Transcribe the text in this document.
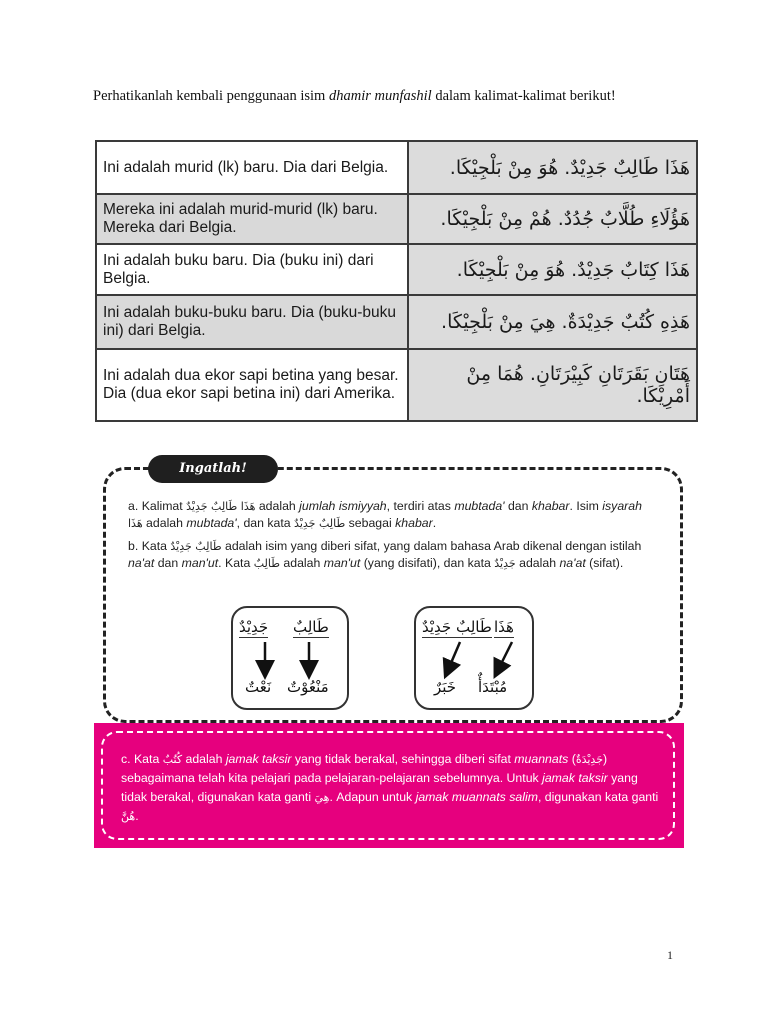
Perhatikanlah kembali penggunaan isim dhamir munfashil dalam kalimat-kalimat berikut!
Ini adalah murid (lk) baru. Dia dari Belgia.	هَذَا طَالِبٌ جَدِيْدٌ. هُوَ مِنْ بَلْجِيْكَا.
Mereka ini adalah murid-murid (lk) baru. Mereka dari Belgia.	هَؤُلَاءِ طُلَّابٌ جُدُدٌ. هُمْ مِنْ بَلْجِيْكَا.
Ini adalah buku baru. Dia (buku ini) dari Belgia.	هَذَا كِتَابٌ جَدِيْدٌ. هُوَ مِنْ بَلْجِيْكَا.
Ini adalah buku-buku baru. Dia (buku-buku ini) dari Belgia.	هَذِهِ كُتُبٌ جَدِيْدَةٌ. هِيَ مِنْ بَلْجِيْكَا.
Ini adalah dua ekor sapi betina yang besar. Dia (dua ekor sapi betina ini) dari Amerika.	هَتَانِ بَقَرَتَانِ كَبِيْرَتَانِ. هُمَا مِنْ أَمْرِيْكَا.
Ingatlah!
a. Kalimat هَذَا طَالِبٌ جَدِيْدٌ adalah jumlah ismiyyah, terdiri atas mubtada' dan khabar. Isim isyarah هَذَا adalah mubtada', dan kata طَالِبٌ جَدِيْدٌ sebagai khabar.
b. Kata طَالِبٌ جَدِيْدٌ adalah isim yang diberi sifat, yang dalam bahasa Arab dikenal dengan istilah na'at dan man'ut. Kata طَالِبٌ adalah man'ut (yang disifati), dan kata جَدِيْدٌ adalah na'at (sifat).
طَالِبٌ
جَدِيْدٌ
مَنْعُوْتٌ
نَعْتٌ
هَذَا
طَالِبٌ جَدِيْدٌ
مُبْتَدَأٌ
خَبَرٌ
c. Kata كُتُبٌ adalah jamak taksir yang tidak berakal, sehingga diberi sifat muannats (جَدِيْدَةٌ) sebagaimana telah kita pelajari pada pelajaran-pelajaran sebelumnya. Untuk jamak taksir yang tidak berakal, digunakan kata ganti هِيَ. Adapun untuk jamak muannats salim, digunakan kata ganti هُنَّ.
1
